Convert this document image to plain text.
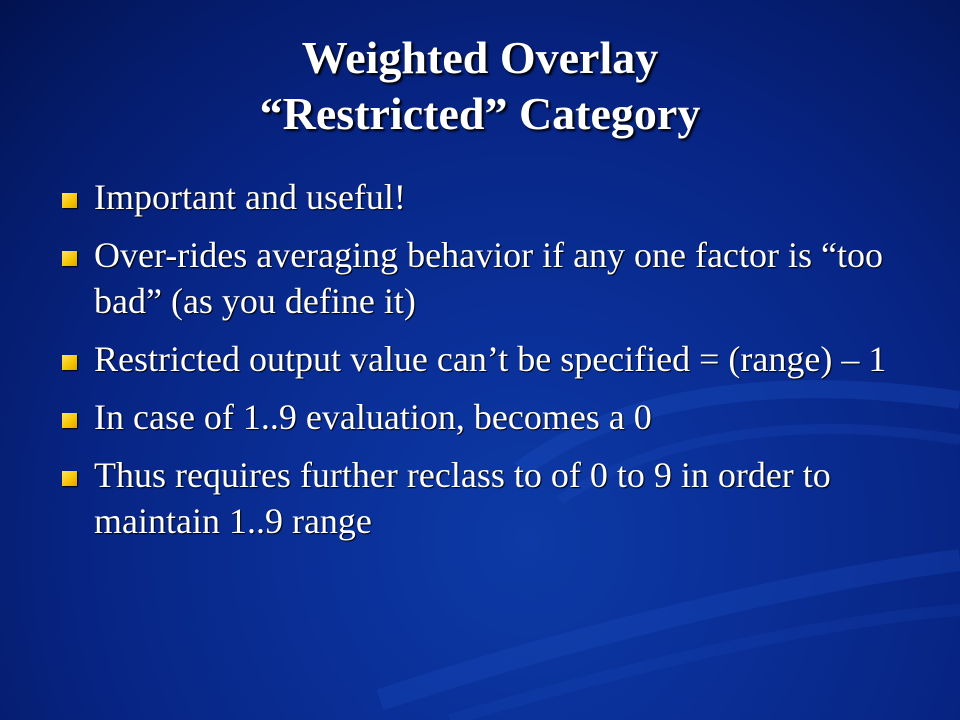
Weighted Overlay
“Restricted” Category
Important and useful!
Over-rides averaging behavior if any one factor is “too bad” (as you define it)
Restricted output value can’t be specified = (range) – 1
In case of 1..9 evaluation, becomes a 0
Thus requires further reclass to of 0 to 9 in order to maintain 1..9 range
